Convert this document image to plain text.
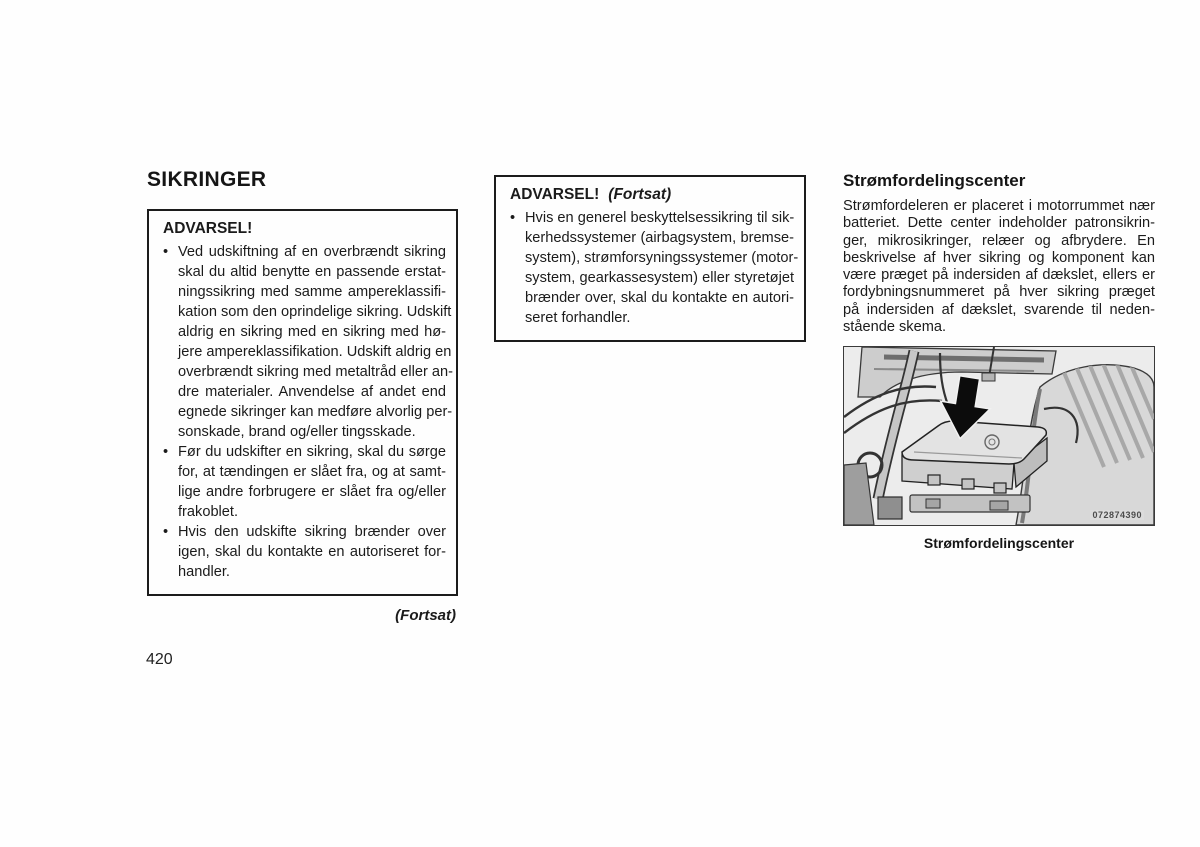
SIKRINGER
ADVARSEL!
• Ved udskiftning af en overbrændt sikring
skal du altid benytte en passende erstat-
ningssikring med samme ampereklassifi-
kation som den oprindelige sikring. Udskift
aldrig en sikring med en sikring med hø-
jere ampereklassifikation. Udskift aldrig en
overbrændt sikring med metaltråd eller an-
dre materialer. Anvendelse af andet end
egnede sikringer kan medføre alvorlig per-
sonskade, brand og/eller tingsskade.
• Før du udskifter en sikring, skal du sørge
for, at tændingen er slået fra, og at samt-
lige andre forbrugere er slået fra og/eller
frakoblet.
• Hvis den udskifte sikring brænder over
igen, skal du kontakte en autoriseret for-
handler.
(Fortsat)
ADVARSEL! (Fortsat)
• Hvis en generel beskyttelsessikring til sik-
kerhedssystemer (airbagsystem, bremse-
system), strømforsyningssystemer (motor-
system, gearkassesystem) eller styretøjet
brænder over, skal du kontakte en autori-
seret forhandler.
Strømfordelingscenter
Strømfordeleren er placeret i motorrummet nær
batteriet. Dette center indeholder patronsikrin-
ger, mikrosikringer, relæer og afbrydere. En
beskrivelse af hver sikring og komponent kan
være præget på indersiden af dækslet, ellers er
fordybningsnummeret på hver sikring præget
på indersiden af dækslet, svarende til neden-
stående skema.
072874390
Strømfordelingscenter
420
